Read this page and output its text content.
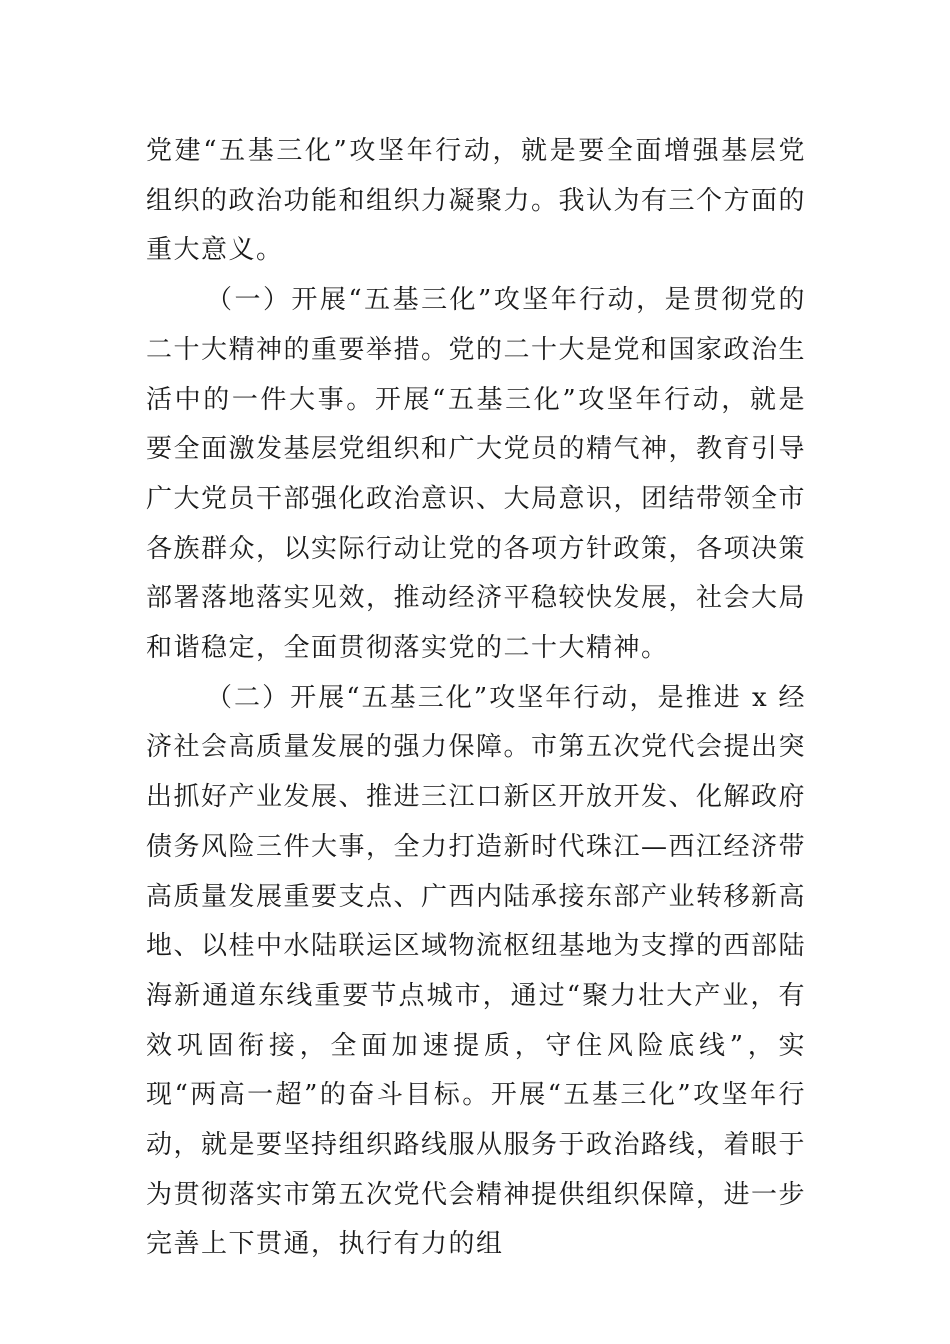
党建“五基三化”攻坚年行动，就是要全面增强基层党组织的政治功能和组织力凝聚力。我认为有三个方面的重大意义。

（一）开展“五基三化”攻坚年行动，是贯彻党的二十大精神的重要举措。党的二十大是党和国家政治生活中的一件大事。开展“五基三化”攻坚年行动，就是要全面激发基层党组织和广大党员的精气神，教育引导广大党员干部强化政治意识、大局意识，团结带领全市各族群众，以实际行动让党的各项方针政策，各项决策部署落地落实见效，推动经济平稳较快发展，社会大局和谐稳定，全面贯彻落实党的二十大精神。

（二）开展“五基三化”攻坚年行动，是推进 x 经济社会高质量发展的强力保障。市第五次党代会提出突出抓好产业发展、推进三江口新区开放开发、化解政府债务风险三件大事，全力打造新时代珠江—西江经济带高质量发展重要支点、广西内陆承接东部产业转移新高地、以桂中水陆联运区域物流枢纽基地为支撑的西部陆海新通道东线重要节点城市，通过“聚力壮大产业，有效巩固衔接，全面加速提质，守住风险底线”，实现“两高一超”的奋斗目标。开展“五基三化”攻坚年行动，就是要坚持组织路线服从服务于政治路线，着眼于为贯彻落实市第五次党代会精神提供组织保障，进一步完善上下贯通，执行有力的组
